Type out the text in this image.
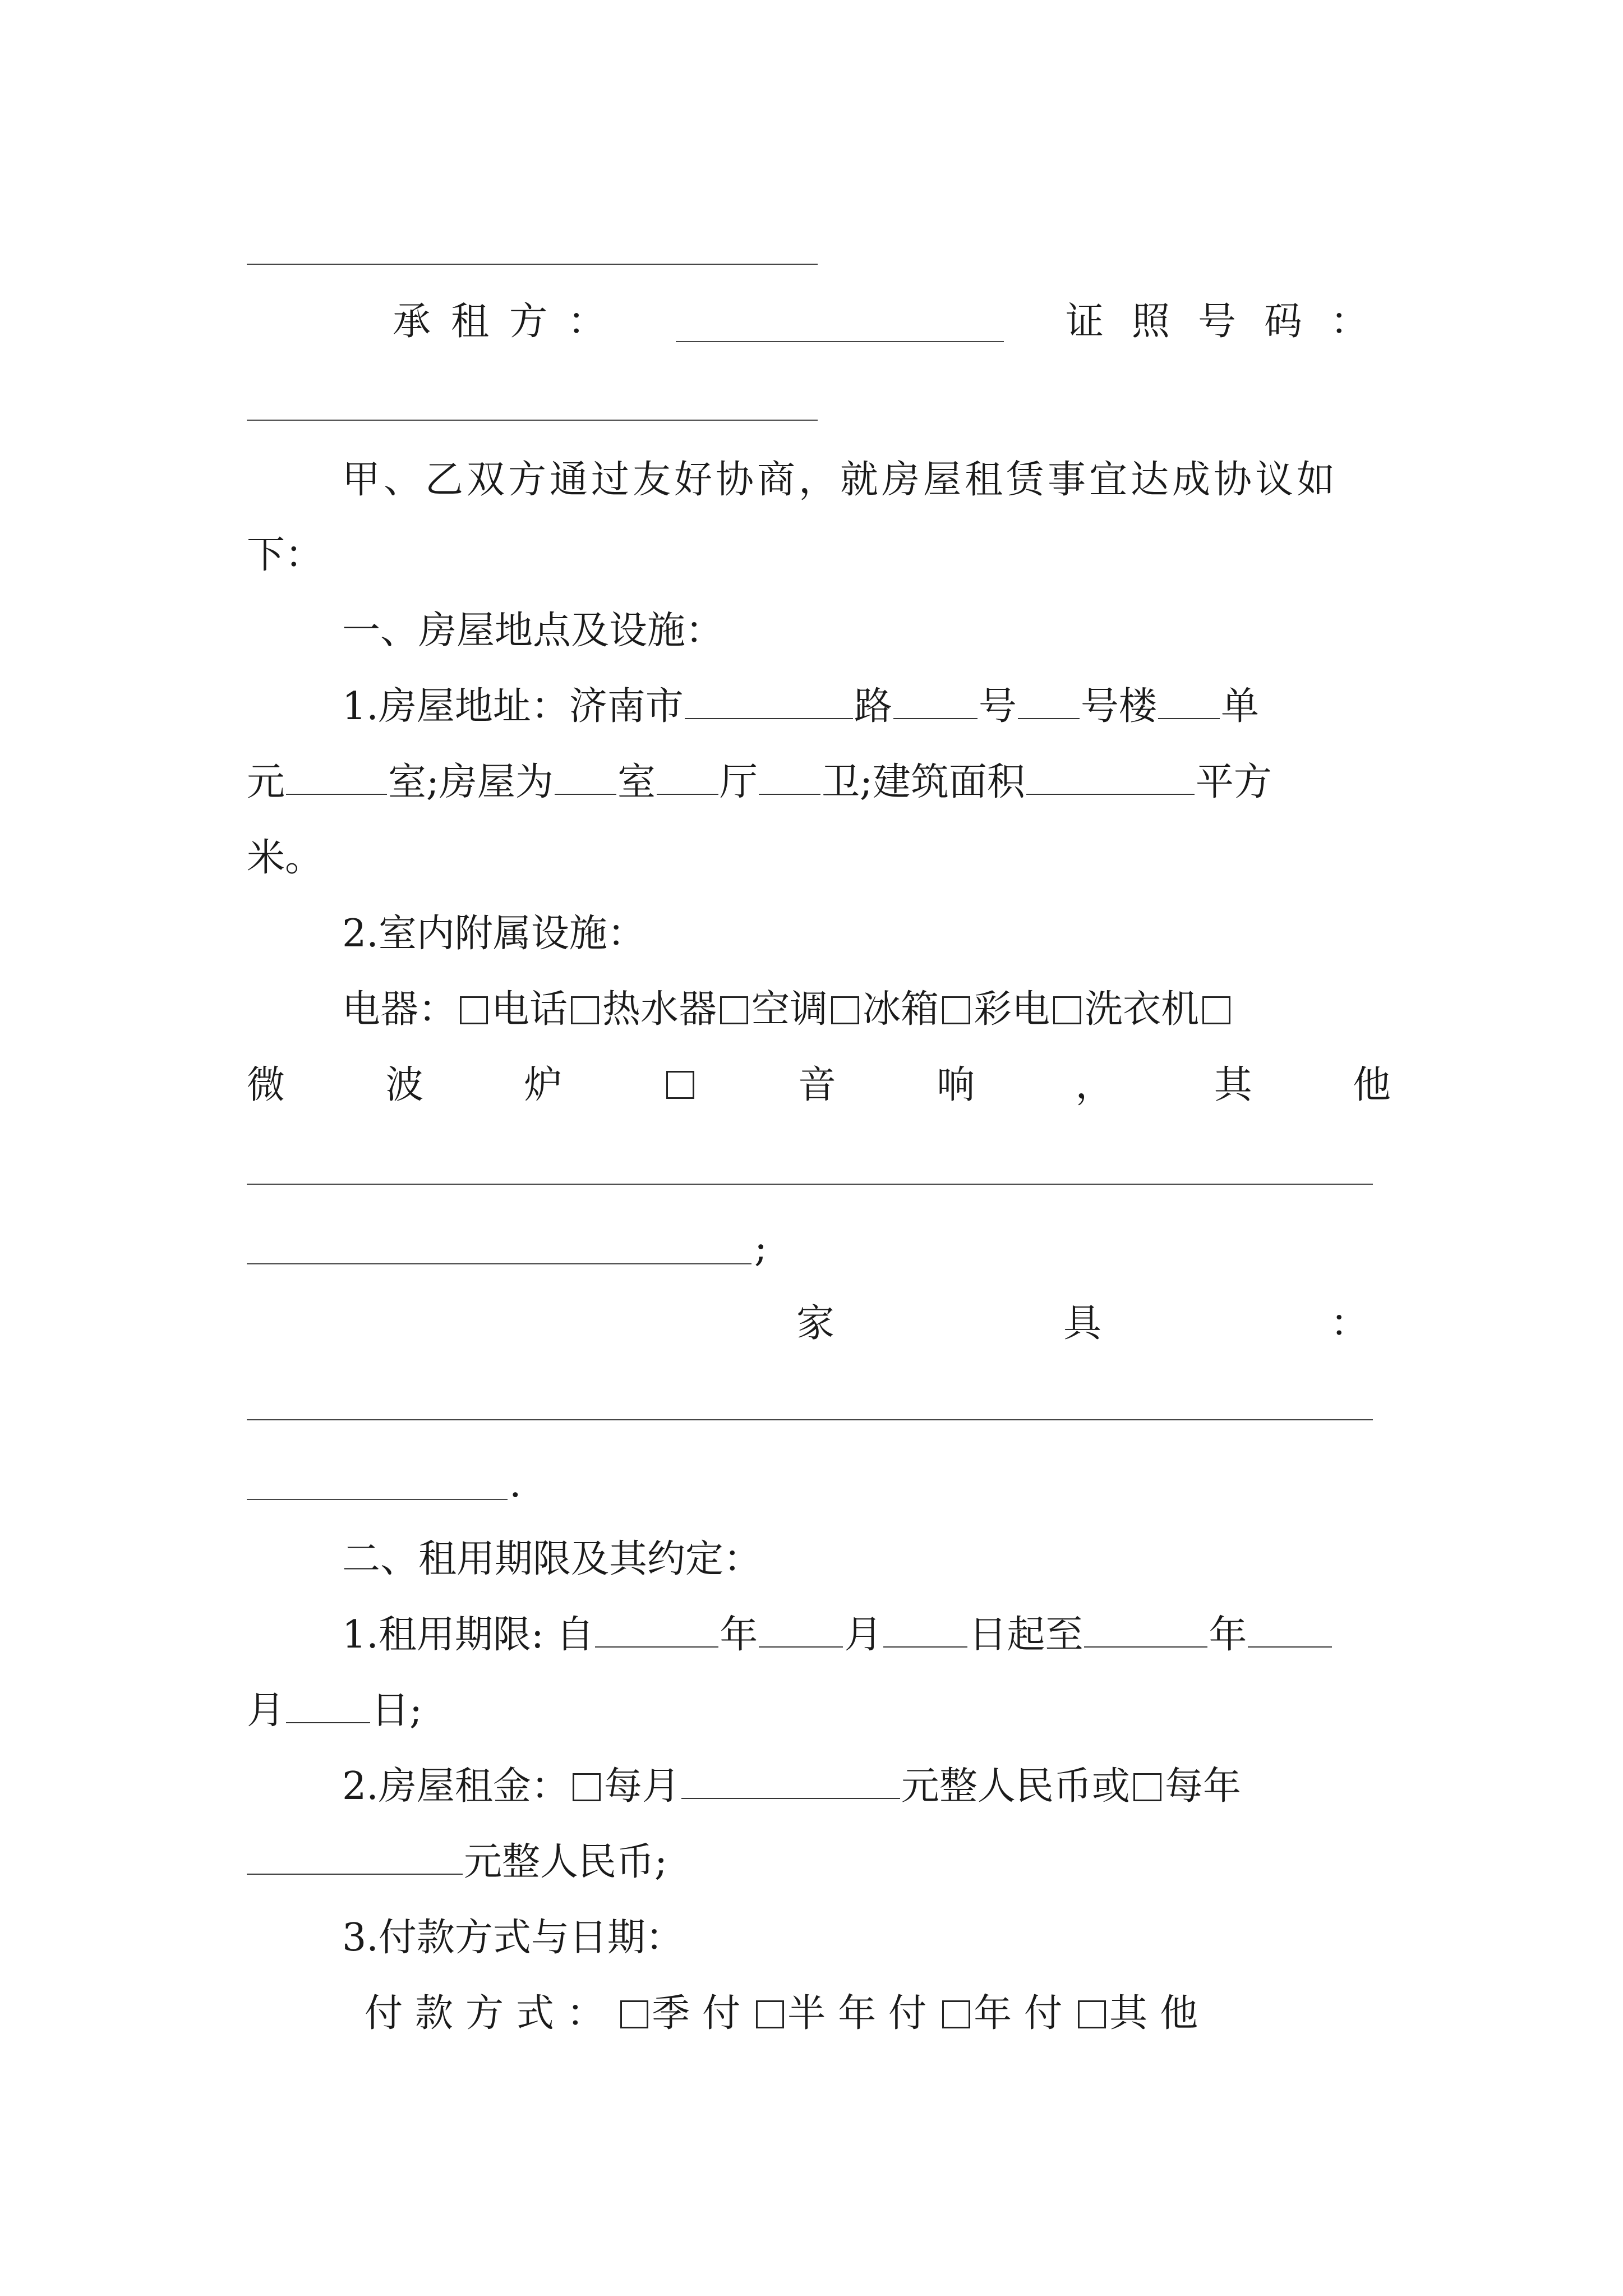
承 租 方 ：	证 照 号 码 ：
甲、乙双方通过友好协商，就房屋租赁事宜达成协议如
下：
一、房屋地点及设施：
1.房屋地址：济南市	路 号 号楼 单
元	室;房屋为 室 厅 卫;建筑面积	平方
米。
2.室内附属设施：
电器： 电话 热水器 空调 冰箱 彩电 洗衣机
微	波	炉	音	响	，	其	他
;
家	具	：
.
二、租用期限及其约定：
1.租用期限: 自	年 月 日起至	年
月 日;
2.房屋租金： 每月	元整人民币或 每年
元整人民币;
3.付款方式与日期：
付款方式： 季付 半年付 年付 其他
